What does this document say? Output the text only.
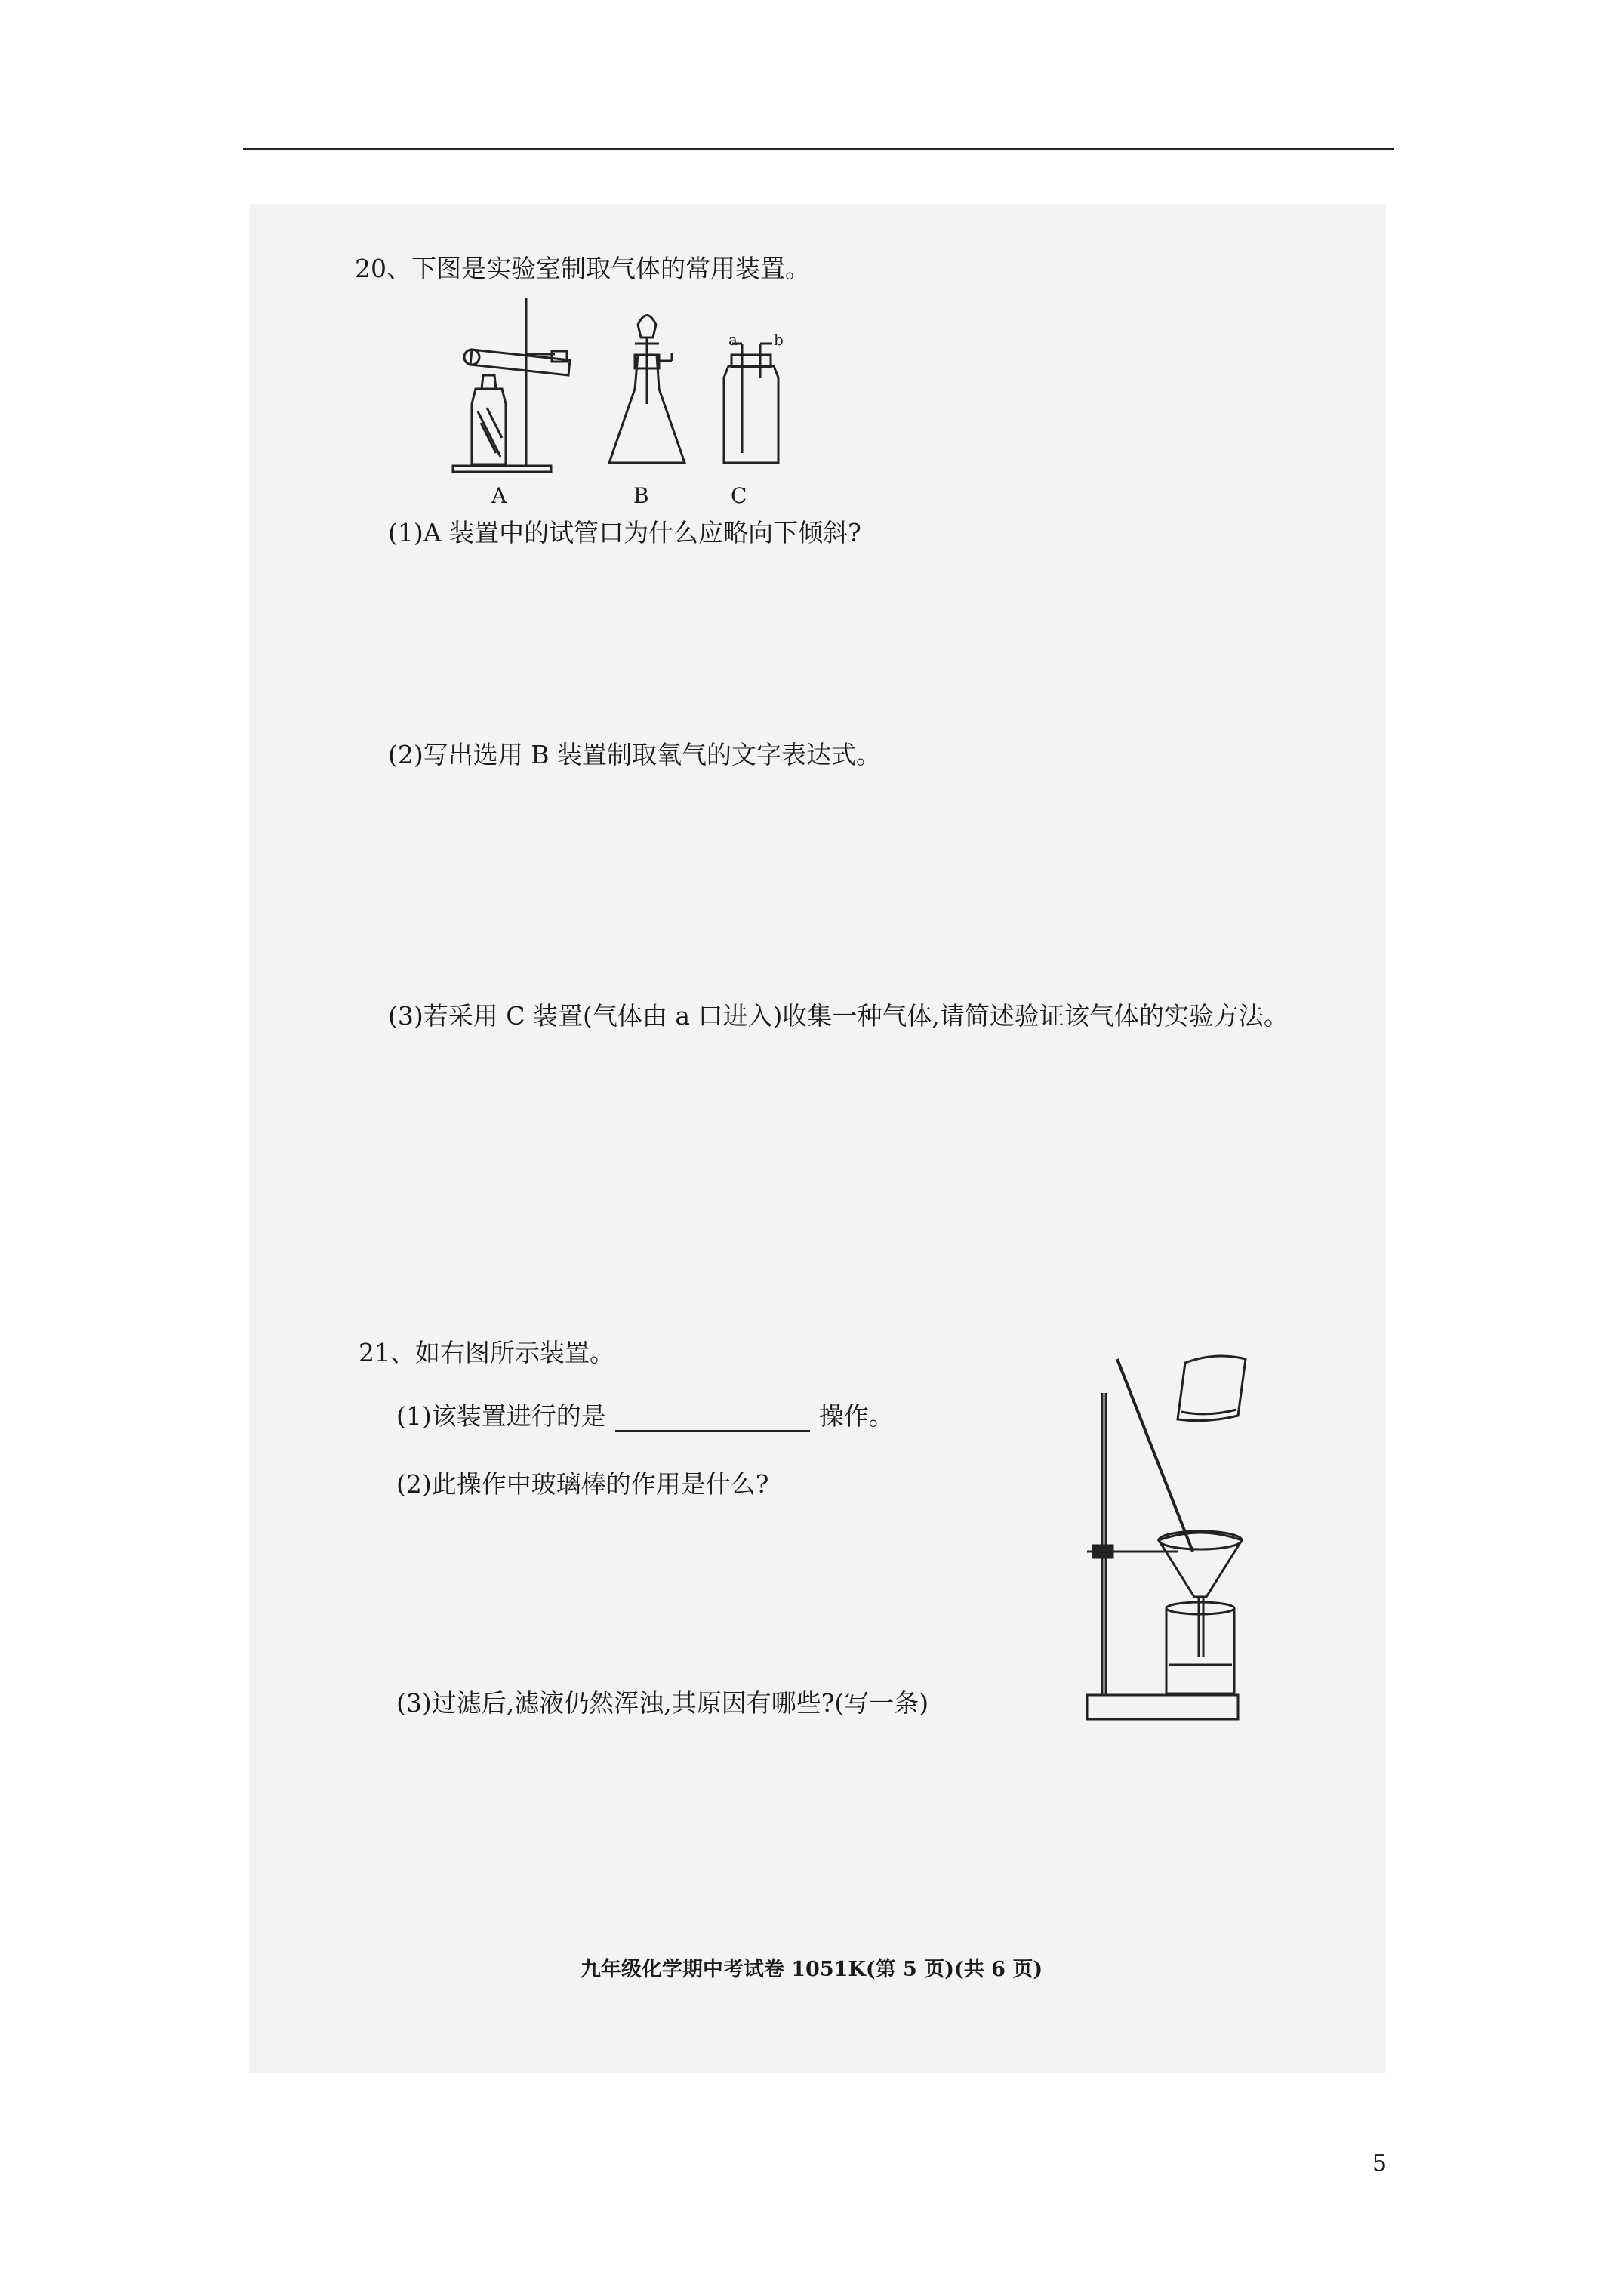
20、下图是实验室制取气体的常用装置。
a b
A	B	C
(1)A 装置中的试管口为什么应略向下倾斜?
(2)写出选用 B 装置制取氧气的文字表达式。
(3)若采用 C 装置(气体由 a 口进入)收集一种气体,请简述验证该气体的实验方法。
21、如右图所示装置。
(1)该装置进行的是	操作。
(2)此操作中玻璃棒的作用是什么?
(3)过滤后,滤液仍然浑浊,其原因有哪些?(写一条)
九年级化学期中考试卷 1051K(第 5 页)(共 6 页)
5
